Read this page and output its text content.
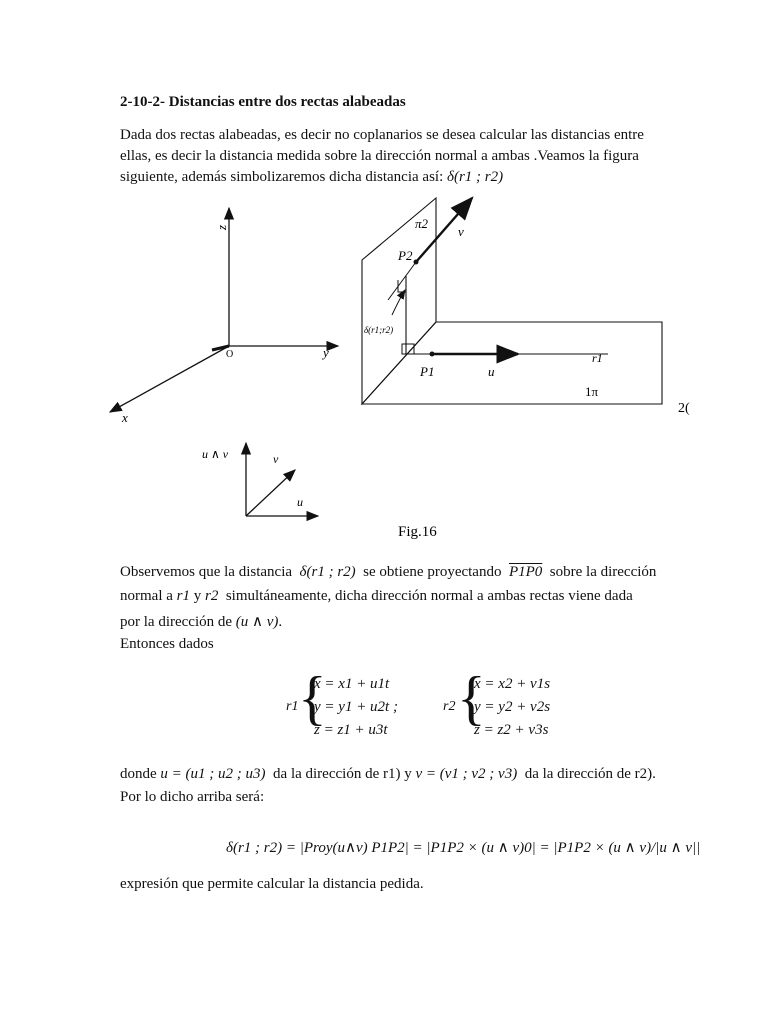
2-10-2- Distancias entre dos rectas alabeadas
Dada dos rectas alabeadas, es decir no coplanarios se desea calcular las distancias entre
ellas, es decir la distancia medida sobre la dirección normal a ambas .Veamos la figura
siguiente, además simbolizaremos dicha distancia así: δ(r1 ; r2)
z
y
x
O
π2
v
P2
δ(r1;r2)
r1
P1	u
1π
2(
u ∧ v	v
u
Fig.16
Observemos que la distancia δ(r1 ; r2) se obtiene proyectando P1P0 sobre la dirección
normal a r1 y r2 simultáneamente, dicha dirección normal a ambas rectas viene dada
por la dirección de (u ∧ v).
Entonces dados
r1 {
x = x1 + u1t
y = y1 + u2t ;
z = z1 + u3t
r2 {
x = x2 + v1s
y = y2 + v2s
z = z2 + v3s
donde u = (u1 ; u2 ; u3) da la dirección de r1) y v = (v1 ; v2 ; v3) da la dirección de r2).
Por lo dicho arriba será:
δ(r1 ; r2) = |Proy(u∧v) P1P2| = |P1P2 × (u ∧ v)0| = |P1P2 × (u ∧ v)/|u ∧ v||
expresión que permite calcular la distancia pedida.
